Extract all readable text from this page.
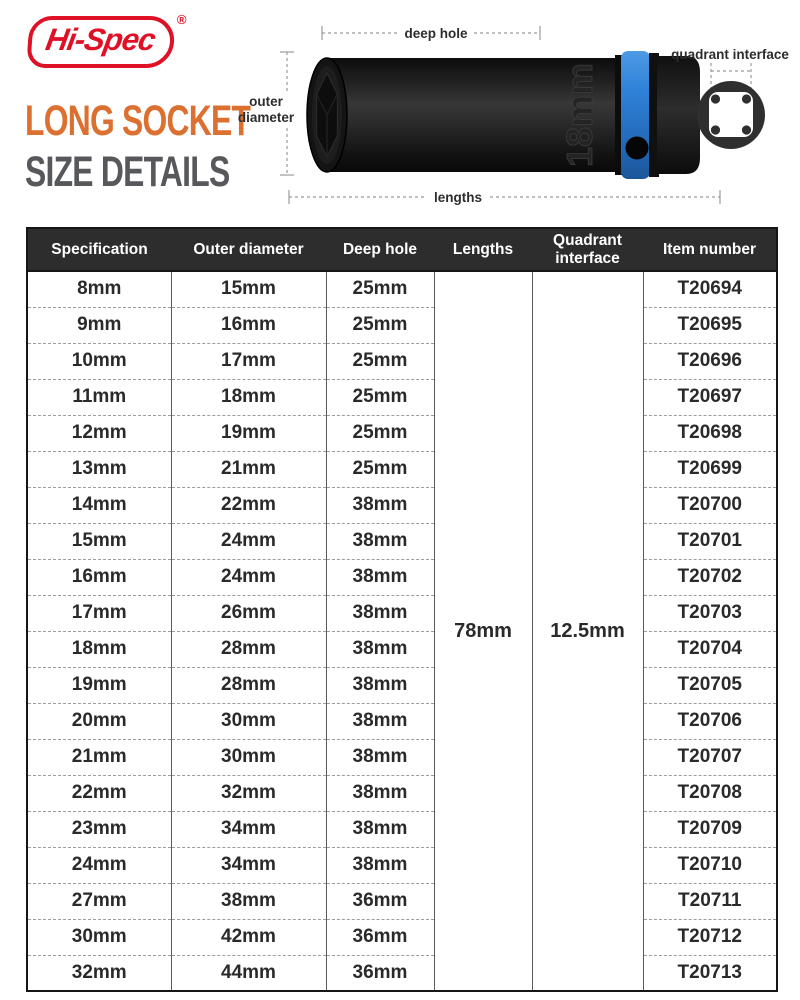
Hi-Spec
®
LONG SOCKET
SIZE DETAILS
deep hole
outer
diameter
lengths
18mm
quadrant interface
Specification	Outer diameter	Deep hole	Lengths	Quadrant interface	Item number
8mm	15mm	25mm	78mm	12.5mm	T20694
9mm	16mm	25mm			T20695
10mm	17mm	25mm			T20696
11mm	18mm	25mm			T20697
12mm	19mm	25mm			T20698
13mm	21mm	25mm			T20699
14mm	22mm	38mm			T20700
15mm	24mm	38mm			T20701
16mm	24mm	38mm			T20702
17mm	26mm	38mm			T20703
18mm	28mm	38mm			T20704
19mm	28mm	38mm			T20705
20mm	30mm	38mm			T20706
21mm	30mm	38mm			T20707
22mm	32mm	38mm			T20708
23mm	34mm	38mm			T20709
24mm	34mm	38mm			T20710
27mm	38mm	36mm			T20711
30mm	42mm	36mm			T20712
32mm	44mm	36mm			T20713
